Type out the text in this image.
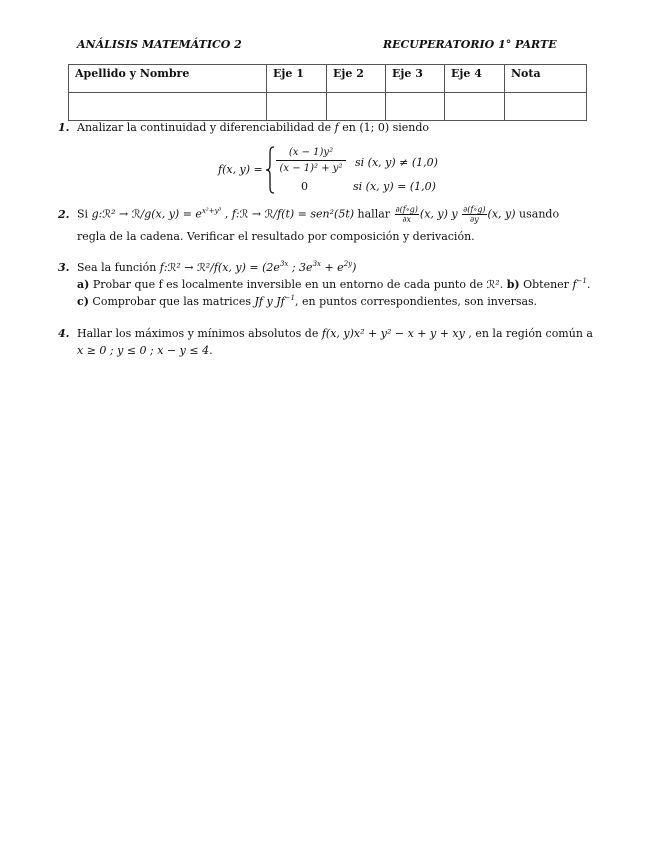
ANÁLISIS MATEMÁTICO 2	RECUPERATORIO 1° PARTE
Apellido y Nombre	Eje 1	Eje 2	Eje 3	Eje 4	Nota

1. Analizar la continuidad y diferenciabilidad de f en (1; 0) siendo
f(x, $y) = \frac{\text{(x − 1)y²}}{\text{(x − 1)² + y²}}$ si (x, y) ≠ (1,0)
0	si (x, y) = (1,0)
2. Si g:ℛ² → ℛ/g(x, $y) = e^{x^2+y^3}$ , f:ℛ → ℛ/f(t) = sen²(5t) hallar $\frac{\partial(f\circ g)}{\partial x} (x$, y) y $\frac{\partial(f\circ g)}{\partial y} (x$, y) usando
regla de la cadena. Verificar el resultado por composición y derivación.
3. Sea la función f:ℛ² → ℛ²/f(x, $y) = (2e^{3x}$ ; $3e^{3x} + e^{2y}$)
a) Probar que f es localmente inversible en un entorno de cada punto de ℛ². b) Obtener $f^{-1}$.
c) Comprobar que las matrices Jf y $Jf^{-1}$, en puntos correspondientes, son inversas.
4. Hallar los máximos y mínimos absolutos de f(x, y)x² + y² − x + y + xy , en la región común a
x ≥ 0 ; y ≤ 0 ; x − y ≤ 4.
